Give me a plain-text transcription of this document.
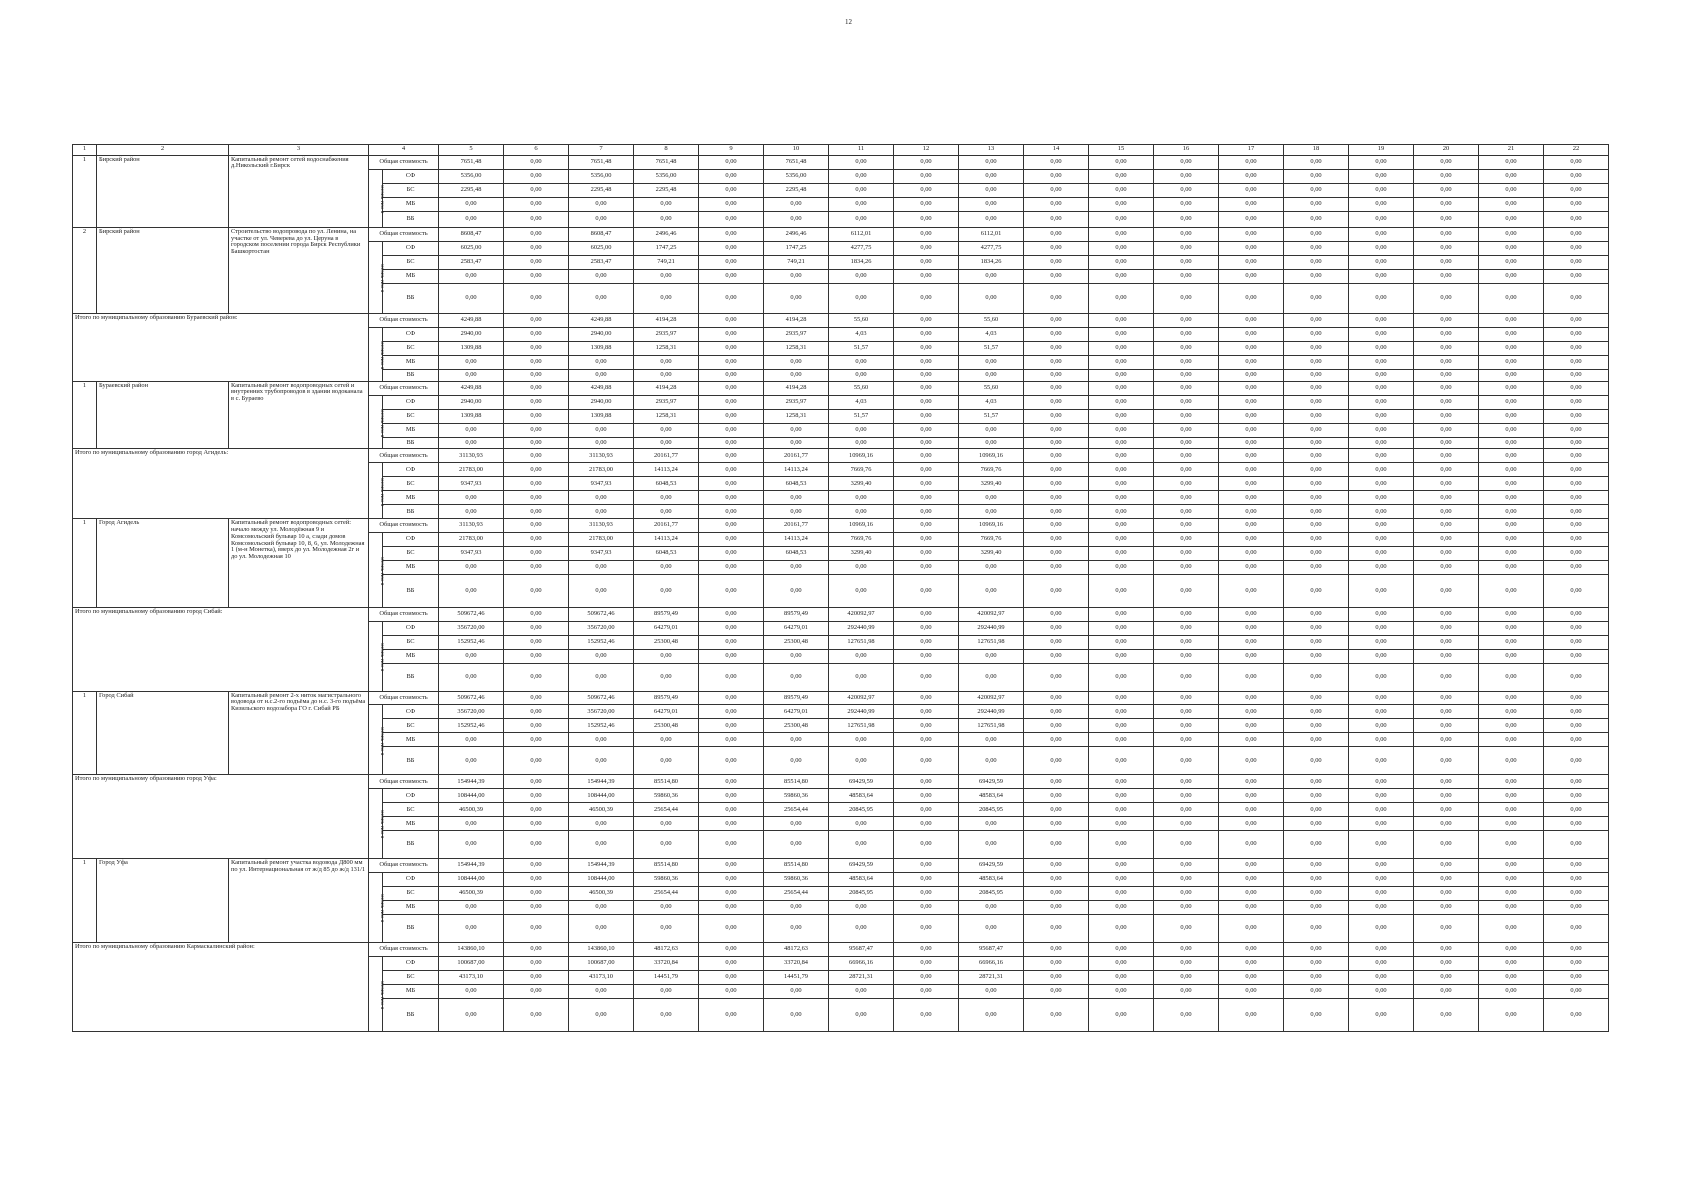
12
1	2	3	4		5	6	7	8	9	10	11	12	13	14	15	16	17	18	19	20	21	22
1	Бирский район	Капитальный ремонт сетей водоснабжения д.Никольский г.Бирск	Общая стоимость		7651,48	0,00	7651,48	7651,48	0,00	7651,48	0,00	0,00	0,00	0,00	0,00	0,00	0,00	0,00	0,00	0,00	0,00	0,00
			в том числе:	СФ	5356,00	0,00	5356,00	5356,00	0,00	5356,00	0,00	0,00	0,00	0,00	0,00	0,00	0,00	0,00	0,00	0,00	0,00	0,00
				БС	2295,48	0,00	2295,48	2295,48	0,00	2295,48	0,00	0,00	0,00	0,00	0,00	0,00	0,00	0,00	0,00	0,00	0,00	0,00
				МБ	0,00	0,00	0,00	0,00	0,00	0,00	0,00	0,00	0,00	0,00	0,00	0,00	0,00	0,00	0,00	0,00	0,00	0,00
				ВБ	0,00	0,00	0,00	0,00	0,00	0,00	0,00	0,00	0,00	0,00	0,00	0,00	0,00	0,00	0,00	0,00	0,00	0,00
2	Бирский район	Строительство водопровода по ул. Ленина, на участке от ул. Чеверева до ул. Церуна в городском поселении города Бирск Республики Башкортостан	Общая стоимость		8608,47	0,00	8608,47	2496,46	0,00	2496,46	6112,01	0,00	6112,01	0,00	0,00	0,00	0,00	0,00	0,00	0,00	0,00	0,00
			в том числе:	СФ	6025,00	0,00	6025,00	1747,25	0,00	1747,25	4277,75	0,00	4277,75	0,00	0,00	0,00	0,00	0,00	0,00	0,00	0,00	0,00
				БС	2583,47	0,00	2583,47	749,21	0,00	749,21	1834,26	0,00	1834,26	0,00	0,00	0,00	0,00	0,00	0,00	0,00	0,00	0,00
				МБ	0,00	0,00	0,00	0,00	0,00	0,00	0,00	0,00	0,00	0,00	0,00	0,00	0,00	0,00	0,00	0,00	0,00	0,00
				ВБ	0,00	0,00	0,00	0,00	0,00	0,00	0,00	0,00	0,00	0,00	0,00	0,00	0,00	0,00	0,00	0,00	0,00	0,00
Итого по муниципальному образованию Бураевский район:			Общая стоимость		4249,88	0,00	4249,88	4194,28	0,00	4194,28	55,60	0,00	55,60	0,00	0,00	0,00	0,00	0,00	0,00	0,00	0,00	0,00
			в том числе:	СФ	2940,00	0,00	2940,00	2935,97	0,00	2935,97	4,03	0,00	4,03	0,00	0,00	0,00	0,00	0,00	0,00	0,00	0,00	0,00
				БС	1309,88	0,00	1309,88	1258,31	0,00	1258,31	51,57	0,00	51,57	0,00	0,00	0,00	0,00	0,00	0,00	0,00	0,00	0,00
				МБ	0,00	0,00	0,00	0,00	0,00	0,00	0,00	0,00	0,00	0,00	0,00	0,00	0,00	0,00	0,00	0,00	0,00	0,00
				ВБ	0,00	0,00	0,00	0,00	0,00	0,00	0,00	0,00	0,00	0,00	0,00	0,00	0,00	0,00	0,00	0,00	0,00	0,00
1	Бураевский район	Капитальный ремонт водопроводных сетей и внутренних трубопроводов в здании водоканала в с. Бураево	Общая стоимость		4249,88	0,00	4249,88	4194,28	0,00	4194,28	55,60	0,00	55,60	0,00	0,00	0,00	0,00	0,00	0,00	0,00	0,00	0,00
			в том числе:	СФ	2940,00	0,00	2940,00	2935,97	0,00	2935,97	4,03	0,00	4,03	0,00	0,00	0,00	0,00	0,00	0,00	0,00	0,00	0,00
				БС	1309,88	0,00	1309,88	1258,31	0,00	1258,31	51,57	0,00	51,57	0,00	0,00	0,00	0,00	0,00	0,00	0,00	0,00	0,00
				МБ	0,00	0,00	0,00	0,00	0,00	0,00	0,00	0,00	0,00	0,00	0,00	0,00	0,00	0,00	0,00	0,00	0,00	0,00
				ВБ	0,00	0,00	0,00	0,00	0,00	0,00	0,00	0,00	0,00	0,00	0,00	0,00	0,00	0,00	0,00	0,00	0,00	0,00
Итого по муниципальному образованию город Агидель:			Общая стоимость		31130,93	0,00	31130,93	20161,77	0,00	20161,77	10969,16	0,00	10969,16	0,00	0,00	0,00	0,00	0,00	0,00	0,00	0,00	0,00
			в том числе:	СФ	21783,00	0,00	21783,00	14113,24	0,00	14113,24	7669,76	0,00	7669,76	0,00	0,00	0,00	0,00	0,00	0,00	0,00	0,00	0,00
				БС	9347,93	0,00	9347,93	6048,53	0,00	6048,53	3299,40	0,00	3299,40	0,00	0,00	0,00	0,00	0,00	0,00	0,00	0,00	0,00
				МБ	0,00	0,00	0,00	0,00	0,00	0,00	0,00	0,00	0,00	0,00	0,00	0,00	0,00	0,00	0,00	0,00	0,00	0,00
				ВБ	0,00	0,00	0,00	0,00	0,00	0,00	0,00	0,00	0,00	0,00	0,00	0,00	0,00	0,00	0,00	0,00	0,00	0,00
1	Город Агидель	Капитальный ремонт водопроводных сетей: начало между ул. Молодёжная 9 и Комсомольский бульвар 10 а, сзади домов Комсомольский бульвар 10, 8, 6, ул. Молодежная 1 (м-н Монетка), вверх до ул. Молодежная 2г и до ул. Молодежная 10	Общая стоимость		31130,93	0,00	31130,93	20161,77	0,00	20161,77	10969,16	0,00	10969,16	0,00	0,00	0,00	0,00	0,00	0,00	0,00	0,00	0,00
			в том числе:	СФ	21783,00	0,00	21783,00	14113,24	0,00	14113,24	7669,76	0,00	7669,76	0,00	0,00	0,00	0,00	0,00	0,00	0,00	0,00	0,00
				БС	9347,93	0,00	9347,93	6048,53	0,00	6048,53	3299,40	0,00	3299,40	0,00	0,00	0,00	0,00	0,00	0,00	0,00	0,00	0,00
				МБ	0,00	0,00	0,00	0,00	0,00	0,00	0,00	0,00	0,00	0,00	0,00	0,00	0,00	0,00	0,00	0,00	0,00	0,00
				ВБ	0,00	0,00	0,00	0,00	0,00	0,00	0,00	0,00	0,00	0,00	0,00	0,00	0,00	0,00	0,00	0,00	0,00	0,00
Итого по муниципальному образованию город Сибай:			Общая стоимость		509672,46	0,00	509672,46	89579,49	0,00	89579,49	420092,97	0,00	420092,97	0,00	0,00	0,00	0,00	0,00	0,00	0,00	0,00	0,00
			в том числе:	СФ	356720,00	0,00	356720,00	64279,01	0,00	64279,01	292440,99	0,00	292440,99	0,00	0,00	0,00	0,00	0,00	0,00	0,00	0,00	0,00
				БС	152952,46	0,00	152952,46	25300,48	0,00	25300,48	127651,98	0,00	127651,98	0,00	0,00	0,00	0,00	0,00	0,00	0,00	0,00	0,00
				МБ	0,00	0,00	0,00	0,00	0,00	0,00	0,00	0,00	0,00	0,00	0,00	0,00	0,00	0,00	0,00	0,00	0,00	0,00
				ВБ	0,00	0,00	0,00	0,00	0,00	0,00	0,00	0,00	0,00	0,00	0,00	0,00	0,00	0,00	0,00	0,00	0,00	0,00
1	Город Сибай	Капитальный ремонт 2-х ниток магистрального водовода от н.с.2-го подъёма до н.с. 3-го подъёма Кизильского водозабора ГО г. Сибай РБ	Общая стоимость		509672,46	0,00	509672,46	89579,49	0,00	89579,49	420092,97	0,00	420092,97	0,00	0,00	0,00	0,00	0,00	0,00	0,00	0,00	0,00
			в том числе:	СФ	356720,00	0,00	356720,00	64279,01	0,00	64279,01	292440,99	0,00	292440,99	0,00	0,00	0,00	0,00	0,00	0,00	0,00	0,00	0,00
				БС	152952,46	0,00	152952,46	25300,48	0,00	25300,48	127651,98	0,00	127651,98	0,00	0,00	0,00	0,00	0,00	0,00	0,00	0,00	0,00
				МБ	0,00	0,00	0,00	0,00	0,00	0,00	0,00	0,00	0,00	0,00	0,00	0,00	0,00	0,00	0,00	0,00	0,00	0,00
				ВБ	0,00	0,00	0,00	0,00	0,00	0,00	0,00	0,00	0,00	0,00	0,00	0,00	0,00	0,00	0,00	0,00	0,00	0,00
Итого по муниципальному образованию город Уфа:			Общая стоимость		154944,39	0,00	154944,39	85514,80	0,00	85514,80	69429,59	0,00	69429,59	0,00	0,00	0,00	0,00	0,00	0,00	0,00	0,00	0,00
			в том числе:	СФ	108444,00	0,00	108444,00	59860,36	0,00	59860,36	48583,64	0,00	48583,64	0,00	0,00	0,00	0,00	0,00	0,00	0,00	0,00	0,00
				БС	46500,39	0,00	46500,39	25654,44	0,00	25654,44	20845,95	0,00	20845,95	0,00	0,00	0,00	0,00	0,00	0,00	0,00	0,00	0,00
				МБ	0,00	0,00	0,00	0,00	0,00	0,00	0,00	0,00	0,00	0,00	0,00	0,00	0,00	0,00	0,00	0,00	0,00	0,00
				ВБ	0,00	0,00	0,00	0,00	0,00	0,00	0,00	0,00	0,00	0,00	0,00	0,00	0,00	0,00	0,00	0,00	0,00	0,00
1	Город Уфа	Капитальный ремонт участка водовода Д800 мм по ул. Интернациональная от ж/д 85 до ж/д 131/1	Общая стоимость		154944,39	0,00	154944,39	85514,80	0,00	85514,80	69429,59	0,00	69429,59	0,00	0,00	0,00	0,00	0,00	0,00	0,00	0,00	0,00
			в том числе:	СФ	108444,00	0,00	108444,00	59860,36	0,00	59860,36	48583,64	0,00	48583,64	0,00	0,00	0,00	0,00	0,00	0,00	0,00	0,00	0,00
				БС	46500,39	0,00	46500,39	25654,44	0,00	25654,44	20845,95	0,00	20845,95	0,00	0,00	0,00	0,00	0,00	0,00	0,00	0,00	0,00
				МБ	0,00	0,00	0,00	0,00	0,00	0,00	0,00	0,00	0,00	0,00	0,00	0,00	0,00	0,00	0,00	0,00	0,00	0,00
				ВБ	0,00	0,00	0,00	0,00	0,00	0,00	0,00	0,00	0,00	0,00	0,00	0,00	0,00	0,00	0,00	0,00	0,00	0,00
Итого по муниципальному образованию Кармаскалинский район:			Общая стоимость		143860,10	0,00	143860,10	48172,63	0,00	48172,63	95687,47	0,00	95687,47	0,00	0,00	0,00	0,00	0,00	0,00	0,00	0,00	0,00
			в том числе:	СФ	100687,00	0,00	100687,00	33720,84	0,00	33720,84	66966,16	0,00	66966,16	0,00	0,00	0,00	0,00	0,00	0,00	0,00	0,00	0,00
				БС	43173,10	0,00	43173,10	14451,79	0,00	14451,79	28721,31	0,00	28721,31	0,00	0,00	0,00	0,00	0,00	0,00	0,00	0,00	0,00
				МБ	0,00	0,00	0,00	0,00	0,00	0,00	0,00	0,00	0,00	0,00	0,00	0,00	0,00	0,00	0,00	0,00	0,00	0,00
				ВБ	0,00	0,00	0,00	0,00	0,00	0,00	0,00	0,00	0,00	0,00	0,00	0,00	0,00	0,00	0,00	0,00	0,00	0,00
